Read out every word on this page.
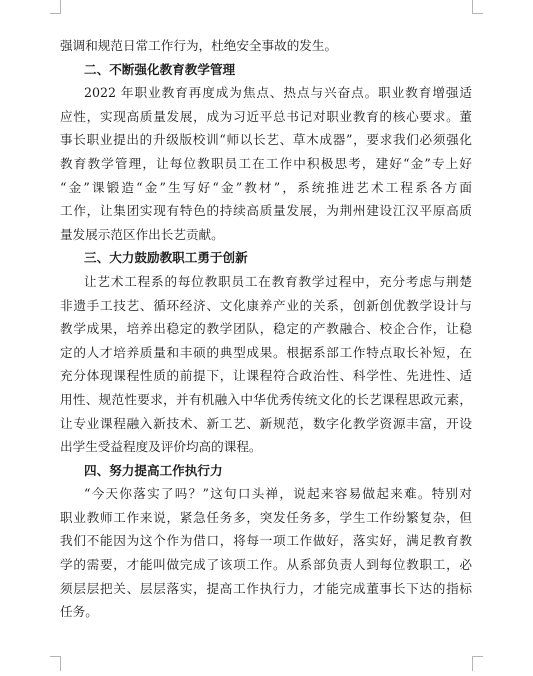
强调和规范日常工作行为，杜绝安全事故的发生。
二、不断强化教育教学管理
2022 年职业教育再度成为焦点、热点与兴奋点。职业教育增强适
应性，实现高质量发展，成为习近平总书记对职业教育的核心要求。董
事长职业提出的升级版校训“师以长艺、草木成器”，要求我们必须强化
教育教学管理，让每位教职员工在工作中积极思考，建好“金”专上好
“金”课锻造“金”生写好“金”教材”，系统推进艺术工程系各方面
工作，让集团实现有特色的持续高质量发展，为荆州建设江汉平原高质
量发展示范区作出长艺贡献。
三、大力鼓励教职工勇于创新
让艺术工程系的每位教职员工在教育教学过程中，充分考虑与荆楚
非遗手工技艺、循环经济、文化康养产业的关系，创新创优教学设计与
教学成果，培养出稳定的教学团队，稳定的产教融合、校企合作，让稳
定的人才培养质量和丰硕的典型成果。根据系部工作特点取长补短，在
充分体现课程性质的前提下，让课程符合政治性、科学性、先进性、适
用性、规范性要求，并有机融入中华优秀传统文化的长艺课程思政元素，
让专业课程融入新技术、新工艺、新规范，数字化教学资源丰富，开设
出学生受益程度及评价均高的课程。
四、努力提高工作执行力
“今天你落实了吗？”这句口头禅，说起来容易做起来难。特别对
职业教师工作来说，紧急任务多，突发任务多，学生工作纷繁复杂，但
我们不能因为这个作为借口，将每一项工作做好，落实好，满足教育教
学的需要，才能叫做完成了该项工作。从系部负责人到每位教职工，必
须层层把关、层层落实，提高工作执行力，才能完成董事长下达的指标
任务。
